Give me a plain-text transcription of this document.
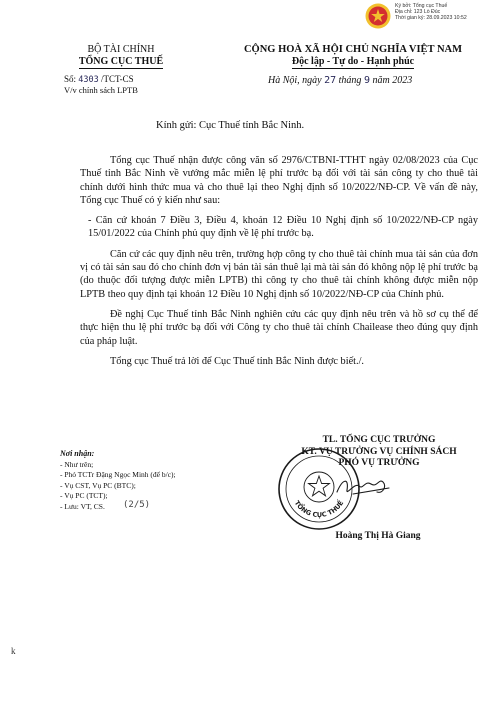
Ký bởi: Tổng cục Thuế
Địa chỉ: 123 Lò Đúc
Thời gian ký: 28.09.2023 10:52
BỘ TÀI CHÍNH
TỔNG CỤC THUẾ
CỘNG HOÀ XÃ HỘI CHỦ NGHĨA VIỆT NAM
Độc lập - Tự do - Hạnh phúc
Số: 4303 /TCT-CS
V/v chính sách LPTB
Hà Nội, ngày 27 tháng 9 năm 2023
Kính gửi: Cục Thuế tỉnh Bắc Ninh.

Tổng cục Thuế nhận được công văn số 2976/CTBNI-TTHT ngày 02/08/2023 của Cục Thuế tỉnh Bắc Ninh về vướng mắc miễn lệ phí trước bạ đối với tài sản công ty cho thuê tài chính dưới hình thức mua và cho thuê lại theo Nghị định số 10/2022/NĐ-CP. Về vấn đề này, Tổng cục Thuế có ý kiến như sau:

- Căn cứ khoản 7 Điều 3, Điều 4, khoản 12 Điều 10 Nghị định số 10/2022/NĐ-CP ngày 15/01/2022 của Chính phủ quy định về lệ phí trước bạ.

Căn cứ các quy định nêu trên, trường hợp công ty cho thuê tài chính mua tài sản của đơn vị có tài sản sau đó cho chính đơn vị bán tài sản thuê lại mà tài sản đó không nộp lệ phí trước bạ (do thuộc đối tượng được miễn LPTB) thì công ty cho thuê tài chính không được miễn nộp LPTB theo quy định tại khoản 12 Điều 10 Nghị định số 10/2022/NĐ-CP của Chính phủ.

Đề nghị Cục Thuế tỉnh Bắc Ninh nghiên cứu các quy định nêu trên và hồ sơ cụ thể để thực hiện thu lệ phí trước bạ đối với Công ty cho thuê tài chính Chailease theo đúng quy định của pháp luật.

Tổng cục Thuế trả lời để Cục Thuế tỉnh Bắc Ninh được biết./.

Nơi nhận:
- Như trên;
- Phó TCTr Đặng Ngọc Minh (để b/c);
- Vụ CST, Vụ PC (BTC);
- Vụ PC (TCT);
- Lưu: VT, CS.	(2/5)
TL. TỔNG CỤC TRƯỞNG
KT. VỤ TRƯỞNG VỤ CHÍNH SÁCH
PHÓ VỤ TRƯỞNG
TỔNG CỤC THUẾ
Hoàng Thị Hà Giang
k
